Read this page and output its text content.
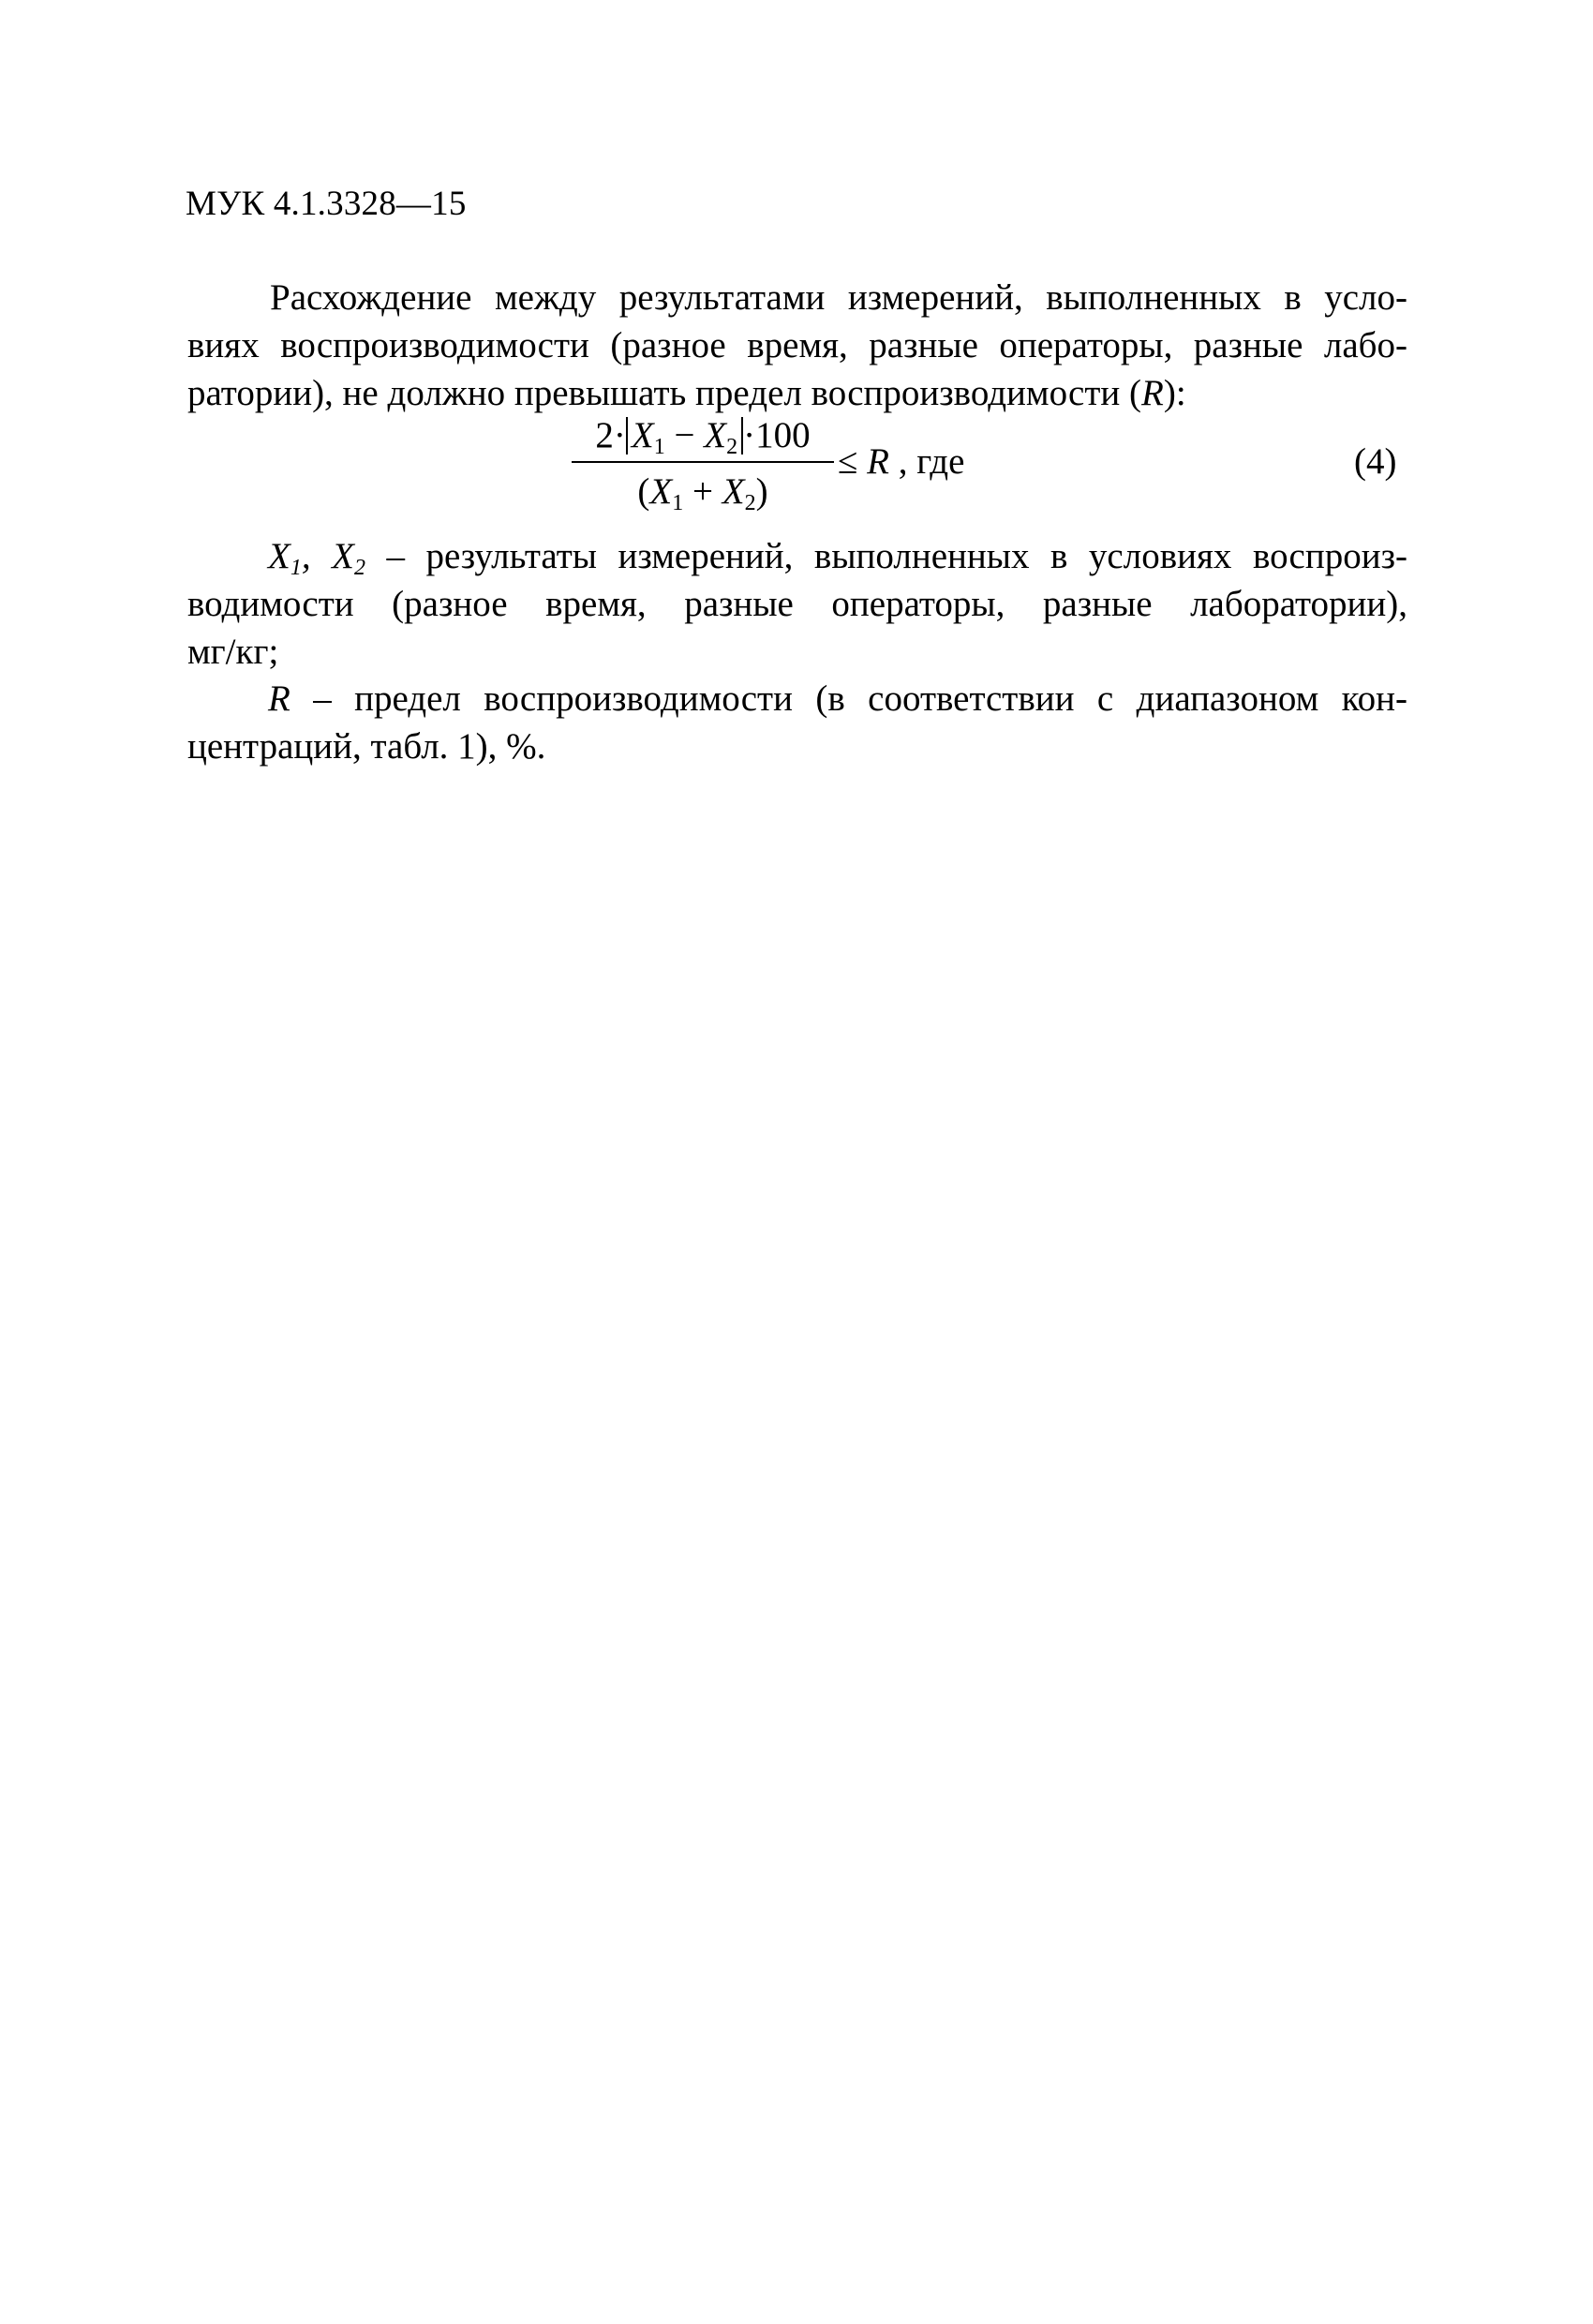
МУК 4.1.3328—15
Расхождение между результатами измерений, выполненных в усло-
виях воспроизводимости (разное время, разные операторы, разные лабо-
ратории), не должно превышать предел воспроизводимости (R):
$2\cdot X_1 - X_2 \cdot 100$
$(X_1 + X_2)$
≤ R , где	(4)
$X_1$, $X_2$ – результаты измерений, выполненных в условиях воспроиз-
водимости (разное время, разные операторы, разные лаборатории),
мг/кг;
R – предел воспроизводимости (в соответствии с диапазоном кон-
центраций, табл. 1), %.
